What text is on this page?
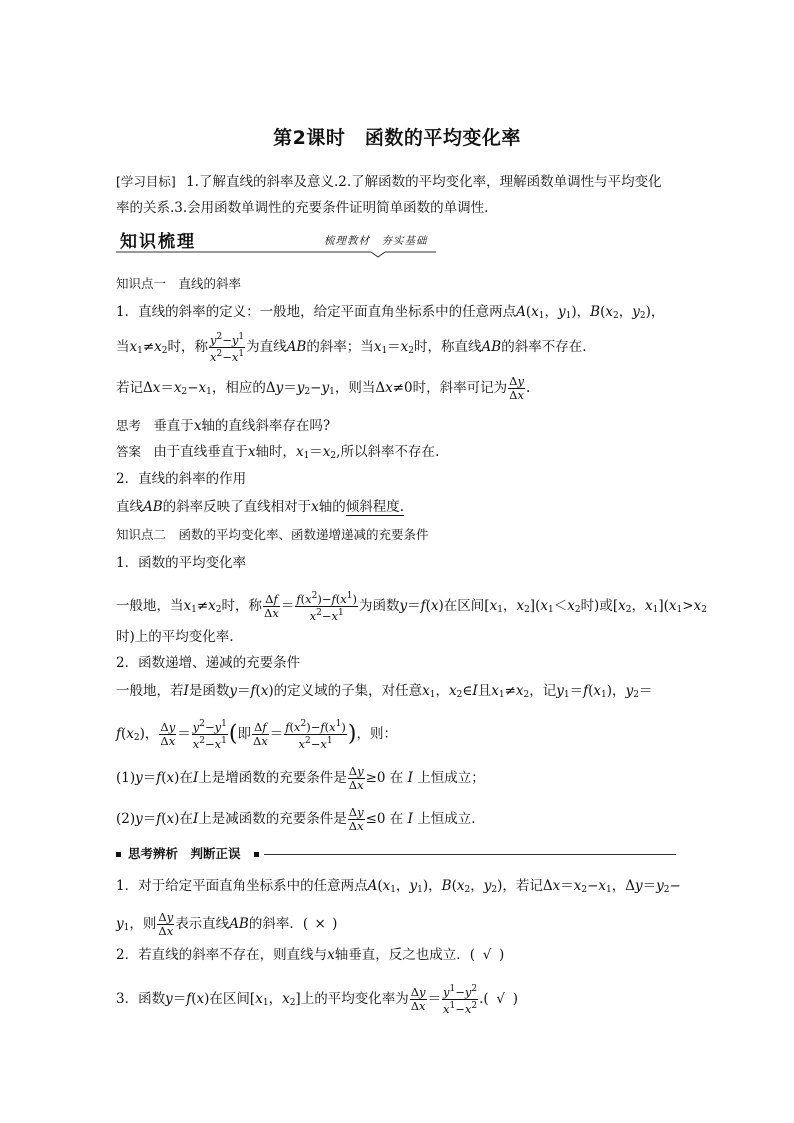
第2课时　函数的平均变化率
[学习目标] 1.了解直线的斜率及意义.2.了解函数的平均变化率，理解函数单调性与平均变化
率的关系.3.会用函数单调性的充要条件证明简单函数的单调性.
知识梳理	梳理教材　夯实基础
知识点一　直线的斜率
1．直线的斜率的定义：一般地，给定平面直角坐标系中的任意两点$A(x_1$，$y_1$)，$B(x_2$，$y_2$)，
当$x_1\ne x_2$时，称 $\frac{y^2-y^1}{x^2-x^1}$ 为直线AB的斜率；当$x_1=x_2$时，称直线AB的斜率不存在.
若记$\Delta x=x_2-x_1$，相应的$\Delta y=y_2-y_1$，则当Δx≠0时，斜率可记为 $\frac{\Delta y}{\Delta x}$ .
思考 垂直于x轴的直线斜率存在吗?
答案 由于直线垂直于x轴时，$x_1=x_2$,所以斜率不存在.
2．直线的斜率的作用
直线AB的斜率反映了直线相对于x轴的倾斜程度.
知识点二　函数的平均变化率、函数递增递减的充要条件
1．函数的平均变化率
一般地，当$x_1\ne x_2$时，称 $\frac{\Delta f}{\Delta x} = \frac{f(x^2)-f(x^1)}{x^2-x^1}$ 为函数y＝f(x)在区间[$x_1$，$x_2](x_1<x_2$时)或[$x_2$，$x_1](x_1>x_2$
时)上的平均变化率.
2．函数递增、递减的充要条件
一般地，若I是函数y＝f(x)的定义域的子集，对任意$x_1$，$x_2\in I$且$x_1\ne x_2$，记$y_1=f(x_1)$，$y_2=$
$f(x_2)$， $\frac{\Delta y}{\Delta x} = \frac{y^2-y^1}{x^2-x^1}$ (即 $\frac{\Delta f}{\Delta x} = \frac{f(x^2)-f(x^1)}{x^2-x^1}$ )，则：
(1)y＝f(x)在I上是增函数的充要条件是 $\frac{\Delta y}{\Delta x} \ge 0$ 在 I 上恒成立；
(2)y＝f(x)在I上是减函数的充要条件是 $\frac{\Delta y}{\Delta x} \le 0$ 在 I 上恒成立.
思考辨析　判断正误
1．对于给定平面直角坐标系中的任意两点$A(x_1$，$y_1$)，$B(x_2$，$y_2$)，若记$\Delta x=x_2-x_1$，$\Delta y=y_2-$
$y_1$，则 $\frac{\Delta y}{\Delta x}$ 表示直线AB的斜率．( × )
2．若直线的斜率不存在，则直线与x轴垂直，反之也成立．( √ )
3．函数y＝f(x)在区间[$x_1$，$x_2$]上的平均变化率为 $\frac{\Delta y}{\Delta x} = \frac{y^1-y^2}{x^1-x^2}$ .( √ )
